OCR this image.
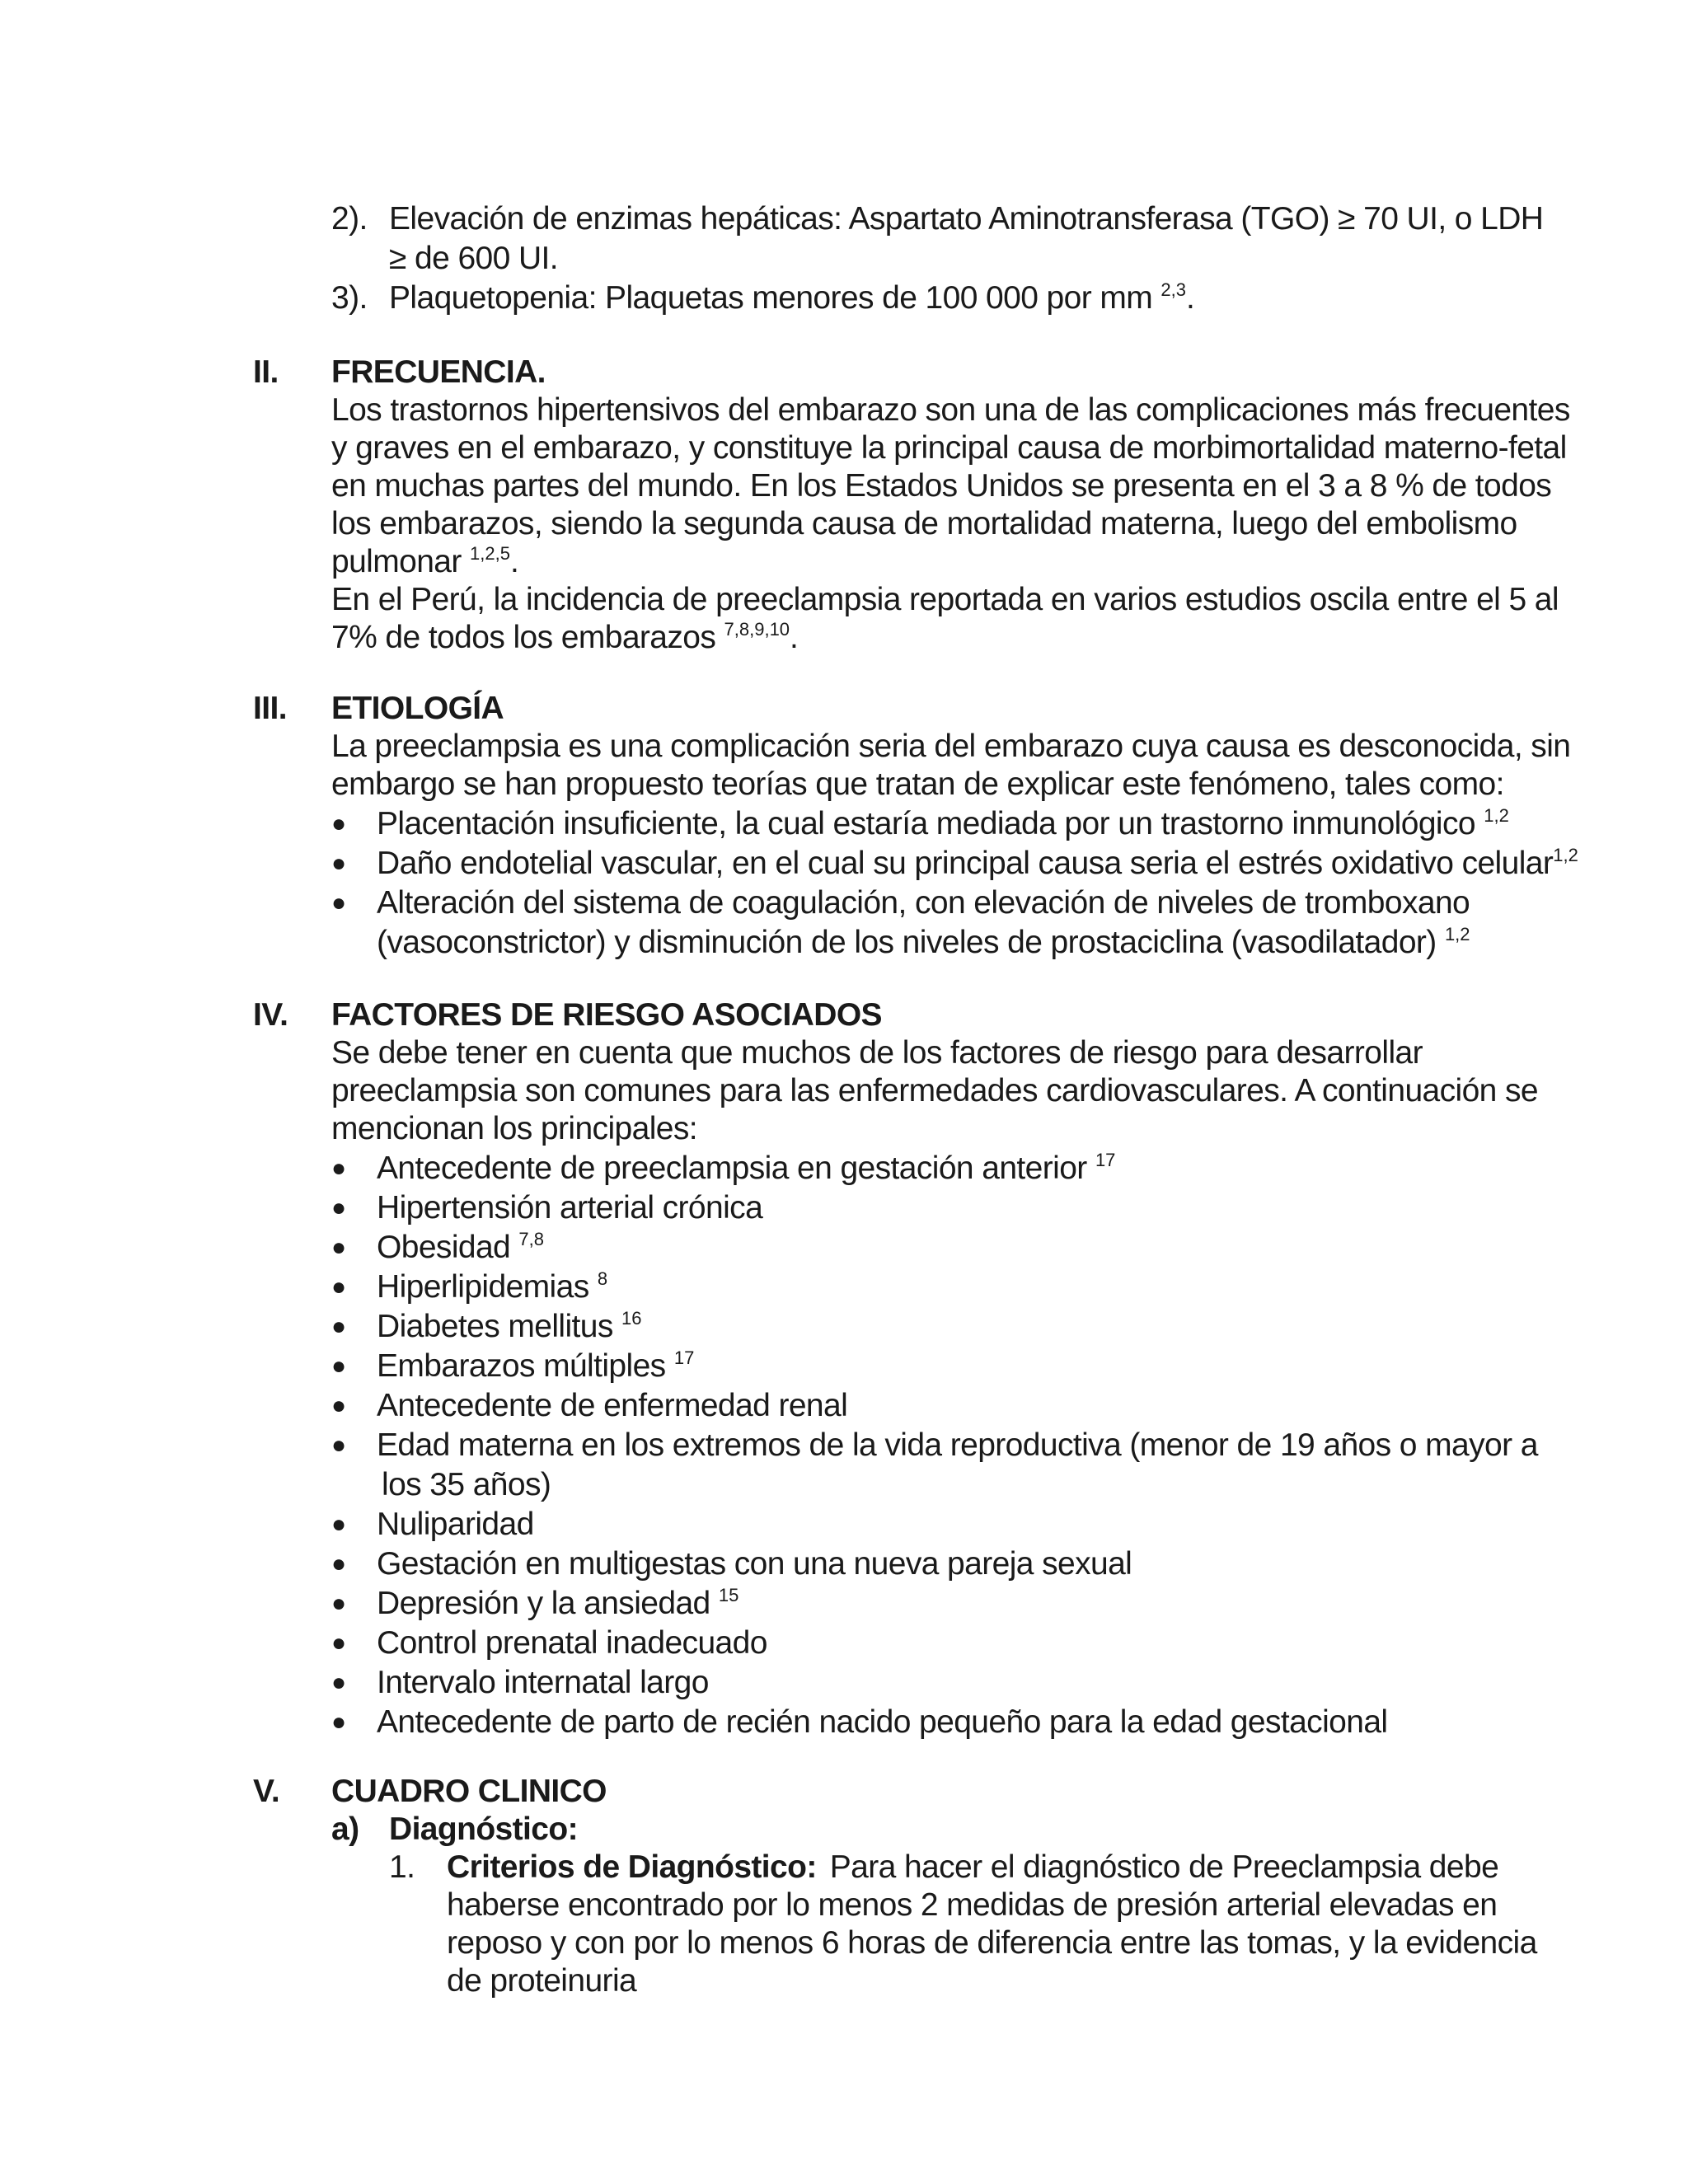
2). Elevación de enzimas hepáticas: Aspartato Aminotransferasa (TGO) ≥ 70 UI, o LDH
≥ de 600 UI.
3). Plaquetopenia: Plaquetas menores de 100 000 por mm $^{2,3}$.
II. FRECUENCIA.
Los trastornos hipertensivos del embarazo son una de las complicaciones más frecuentes
y graves en el embarazo, y constituye la principal causa de morbimortalidad materno-fetal
en muchas partes del mundo. En los Estados Unidos se presenta en el 3 a 8 % de todos
los embarazos, siendo la segunda causa de mortalidad materna, luego del embolismo
pulmonar $^{1,2,5}$.
En el Perú, la incidencia de preeclampsia reportada en varios estudios oscila entre el 5 al
7% de todos los embarazos $^{7,8,9,10}$.
III. ETIOLOGÍA
La preeclampsia es una complicación seria del embarazo cuya causa es desconocida, sin
embargo se han propuesto teorías que tratan de explicar este fenómeno, tales como:
● Placentación insuficiente, la cual estaría mediada por un trastorno inmunológico $^{1,2}$
● Daño endotelial vascular, en el cual su principal causa seria el estrés oxidativo celular$^{1,2}$
● Alteración del sistema de coagulación, con elevación de niveles de tromboxano
(vasoconstrictor) y disminución de los niveles de prostaciclina (vasodilatador) $^{1,2}$
IV. FACTORES DE RIESGO ASOCIADOS
Se debe tener en cuenta que muchos de los factores de riesgo para desarrollar
preeclampsia son comunes para las enfermedades cardiovasculares. A continuación se
mencionan los principales:
● Antecedente de preeclampsia en gestación anterior $^{17}$
● Hipertensión arterial crónica
● Obesidad $^{7,8}$
● Hiperlipidemias $^8$
● Diabetes mellitus $^{16}$
● Embarazos múltiples $^{17}$
● Antecedente de enfermedad renal
● Edad materna en los extremos de la vida reproductiva (menor de 19 años o mayor a
los 35 años)
● Nuliparidad
● Gestación en multigestas con una nueva pareja sexual
● Depresión y la ansiedad $^{15}$
● Control prenatal inadecuado
● Intervalo internatal largo
● Antecedente de parto de recién nacido pequeño para la edad gestacional
V. CUADRO CLINICO
a) Diagnóstico:
1. Criterios de Diagnóstico: Para hacer el diagnóstico de Preeclampsia debe
haberse encontrado por lo menos 2 medidas de presión arterial elevadas en
reposo y con por lo menos 6 horas de diferencia entre las tomas, y la evidencia
de proteinuria
